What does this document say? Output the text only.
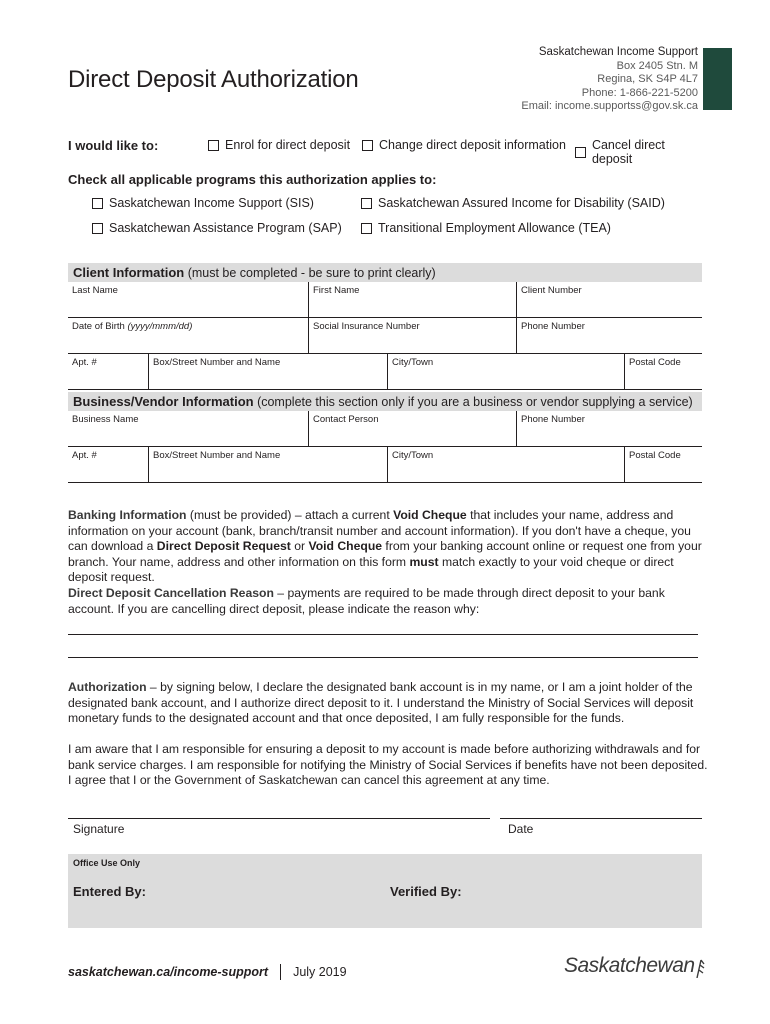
Direct Deposit Authorization
Saskatchewan Income Support
Box 2405 Stn. M
Regina, SK S4P 4L7
Phone: 1-866-221-5200
Email: income.supportss@gov.sk.ca
I would like to:	Enrol for direct deposit Change direct deposit information Cancel direct deposit
Check all applicable programs this authorization applies to:
Saskatchewan Income Support (SIS)	Saskatchewan Assured Income for Disability (SAID)
Saskatchewan Assistance Program (SAP)	Transitional Employment Allowance (TEA)
Client Information (must be completed - be sure to print clearly)
Last Name	First Name	Client Number
Date of Birth (yyyy/mmm/dd)	Social Insurance Number	Phone Number
Apt. #	Box/Street Number and Name	City/Town	Postal Code
Business/Vendor Information (complete this section only if you are a business or vendor supplying a service)
Business Name	Contact Person	Phone Number
Apt. #	Box/Street Number and Name	City/Town	Postal Code

Banking Information (must be provided) – attach a current Void Cheque that includes your name, address and information on your account (bank, branch/transit number and account information). If you don't have a cheque, you can download a Direct Deposit Request or Void Cheque from your banking account online or request one from your branch. Your name, address and other information on this form must match exactly to your void cheque or direct deposit request.

Direct Deposit Cancellation Reason – payments are required to be made through direct deposit to your bank account. If you are cancelling direct deposit, please indicate the reason why:

Authorization – by signing below, I declare the designated bank account is in my name, or I am a joint holder of the designated bank account, and I authorize direct deposit to it. I understand the Ministry of Social Services will deposit monetary funds to the designated account and that once deposited, I am fully responsible for the funds.

I am aware that I am responsible for ensuring a deposit to my account is made before authorizing withdrawals and for bank service charges. I am responsible for notifying the Ministry of Social Services if benefits have not been deposited. I agree that I or the Government of Saskatchewan can cancel this agreement at any time.

Signature	Date
Office Use Only
Entered By:	Verified By:
saskatchewan.ca/income-support July 2019	Saskatchewan
